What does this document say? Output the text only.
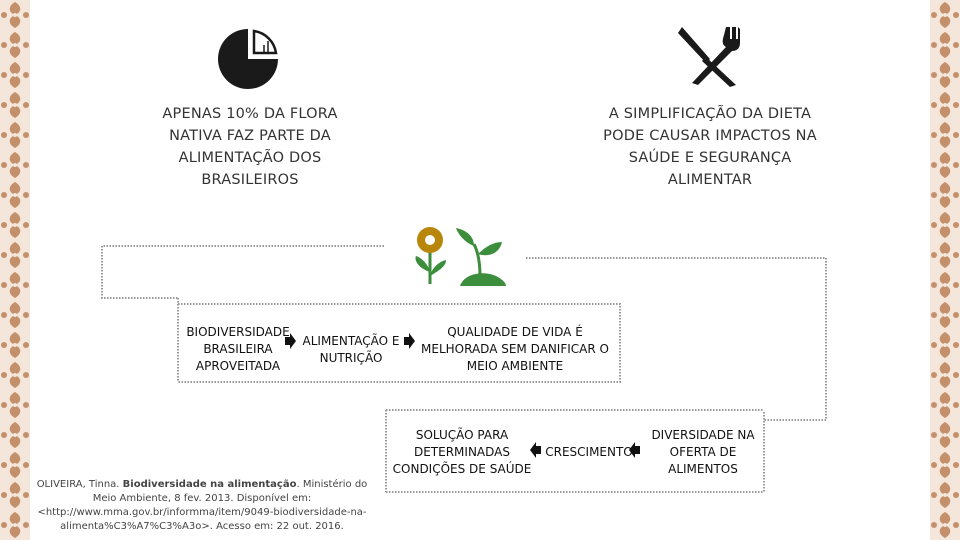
APENAS 10% DA FLORA
NATIVA FAZ PARTE DA
ALIMENTAÇÃO DOS
BRASILEIROS
A SIMPLIFICAÇÃO DA DIETA
PODE CAUSAR IMPACTOS NA
SAÚDE E SEGURANÇA
ALIMENTAR
BIODIVERSIDADE
BRASILEIRA
APROVEITADA
ALIMENTAÇÃO E
NUTRIÇÃO
QUALIDADE DE VIDA É
MELHORADA SEM DANIFICAR O
MEIO AMBIENTE
DIVERSIDADE NA
OFERTA DE
ALIMENTOS
CRESCIMENTO
SOLUÇÃO PARA
DETERMINADAS
CONDIÇÕES DE SAÚDE
OLIVEIRA, Tinna. Biodiversidade na alimentação. Ministério do Meio Ambiente, 8 fev. 2013. Disponível em: <http://www.mma.gov.br/informma/item/9049-biodiversidade-na-alimenta%C3%A7%C3%A3o>. Acesso em: 22 out. 2016.
